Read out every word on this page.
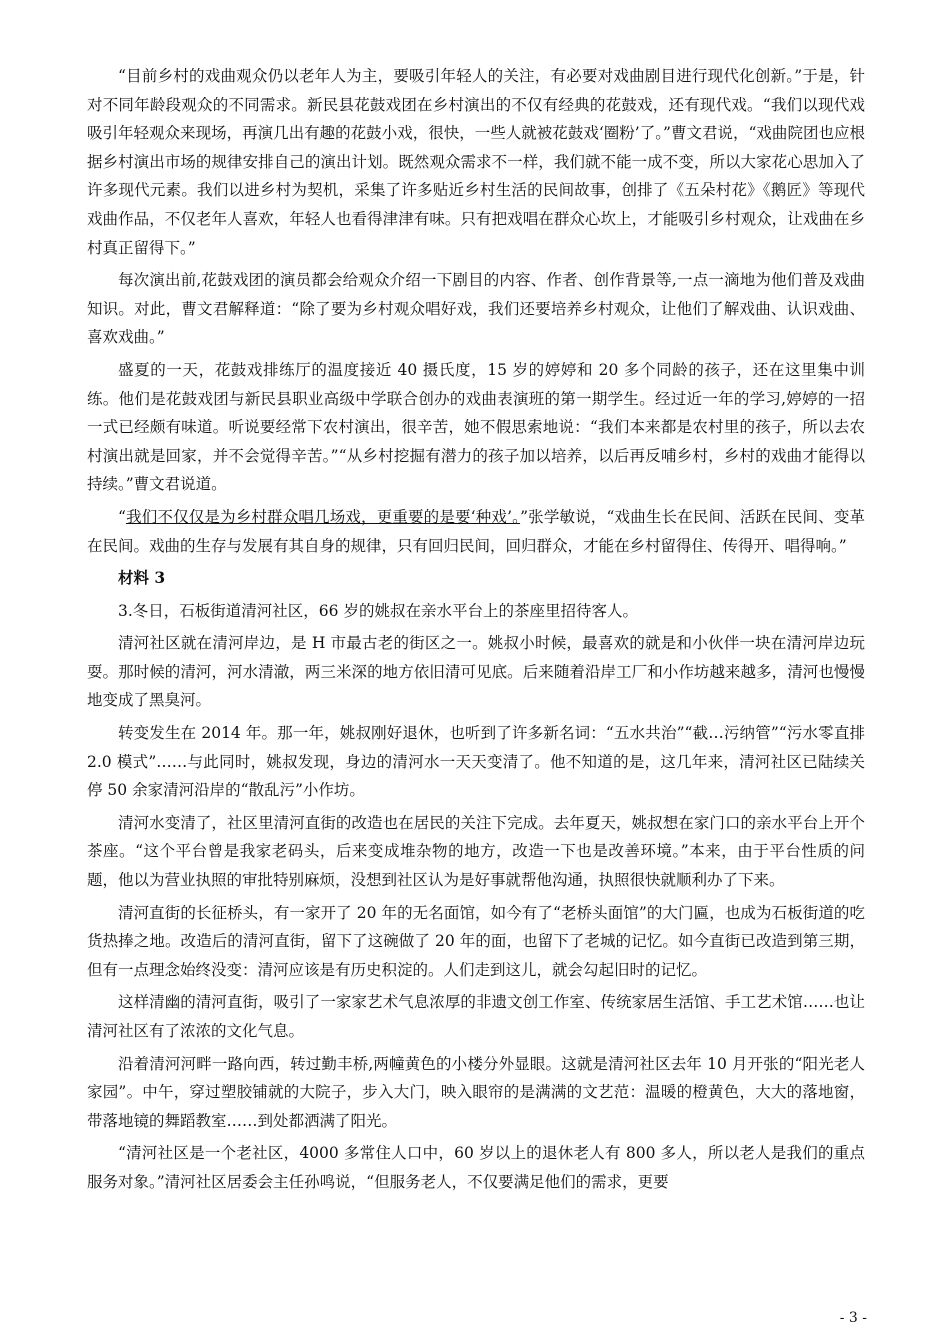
“目前乡村的戏曲观众仍以老年人为主，要吸引年轻人的关注，有必要对戏曲剧目进行现代化创新。”于是，针对不同年龄段观众的不同需求。新民县花鼓戏团在乡村演出的不仅有经典的花鼓戏，还有现代戏。“我们以现代戏吸引年轻观众来现场，再演几出有趣的花鼓小戏，很快，一些人就被花鼓戏‘圈粉’了。”曹文君说，“戏曲院团也应根据乡村演出市场的规律安排自己的演出计划。既然观众需求不一样，我们就不能一成不变，所以大家花心思加入了许多现代元素。我们以进乡村为契机，采集了许多贴近乡村生活的民间故事，创排了《五朵村花》《鹅匠》等现代戏曲作品，不仅老年人喜欢，年轻人也看得津津有味。只有把戏唱在群众心坎上，才能吸引乡村观众，让戏曲在乡村真正留得下。”

每次演出前,花鼓戏团的演员都会给观众介绍一下剧目的内容、作者、创作背景等,一点一滴地为他们普及戏曲知识。对此，曹文君解释道：“除了要为乡村观众唱好戏，我们还要培养乡村观众，让他们了解戏曲、认识戏曲、喜欢戏曲。”

盛夏的一天，花鼓戏排练厅的温度接近 40 摄氏度，15 岁的婷婷和 20 多个同龄的孩子，还在这里集中训练。他们是花鼓戏团与新民县职业高级中学联合创办的戏曲表演班的第一期学生。经过近一年的学习,婷婷的一招一式已经颇有味道。听说要经常下农村演出，很辛苦，她不假思索地说：“我们本来都是农村里的孩子，所以去农村演出就是回家，并不会觉得辛苦。”“从乡村挖掘有潜力的孩子加以培养，以后再反哺乡村，乡村的戏曲才能得以持续。”曹文君说道。

“我们不仅仅是为乡村群众唱几场戏，更重要的是要‘种戏’。”张学敏说，“戏曲生长在民间、活跃在民间、变革在民间。戏曲的生存与发展有其自身的规律，只有回归民间，回归群众，才能在乡村留得住、传得开、唱得响。”

材料 3

3.冬日，石板街道清河社区，66 岁的姚叔在亲水平台上的茶座里招待客人。

清河社区就在清河岸边，是 H 市最古老的街区之一。姚叔小时候，最喜欢的就是和小伙伴一块在清河岸边玩耍。那时候的清河，河水清澈，两三米深的地方依旧清可见底。后来随着沿岸工厂和小作坊越来越多，清河也慢慢地变成了黑臭河。

转变发生在 2014 年。那一年，姚叔刚好退休，也听到了许多新名词：“五水共治”“截…污纳管”“污水零直排 2.0 模式”……与此同时，姚叔发现，身边的清河水一天天变清了。他不知道的是，这几年来，清河社区已陆续关停 50 余家清河沿岸的“散乱污”小作坊。

清河水变清了，社区里清河直街的改造也在居民的关注下完成。去年夏天，姚叔想在家门口的亲水平台上开个茶座。“这个平台曾是我家老码头，后来变成堆杂物的地方，改造一下也是改善环境。”本来，由于平台性质的问题，他以为营业执照的审批特别麻烦，没想到社区认为是好事就帮他沟通，执照很快就顺利办了下来。

清河直街的长征桥头，有一家开了 20 年的无名面馆，如今有了“老桥头面馆”的大门匾，也成为石板街道的吃货热捧之地。改造后的清河直街，留下了这碗做了 20 年的面，也留下了老城的记忆。如今直街已改造到第三期，但有一点理念始终没变：清河应该是有历史积淀的。人们走到这儿，就会勾起旧时的记忆。

这样清幽的清河直街，吸引了一家家艺术气息浓厚的非遗文创工作室、传统家居生活馆、手工艺术馆……也让清河社区有了浓浓的文化气息。

沿着清河河畔一路向西，转过勤丰桥,两幢黄色的小楼分外显眼。这就是清河社区去年 10 月开张的“阳光老人家园”。中午，穿过塑胶铺就的大院子，步入大门，映入眼帘的是满满的文艺范：温暖的橙黄色，大大的落地窗，带落地镜的舞蹈教室……到处都洒满了阳光。

“清河社区是一个老社区，4000 多常住人口中，60 岁以上的退休老人有 800 多人，所以老人是我们的重点服务对象。”清河社区居委会主任孙鸣说，“但服务老人，不仅要满足他们的需求，更要

- 3 -
